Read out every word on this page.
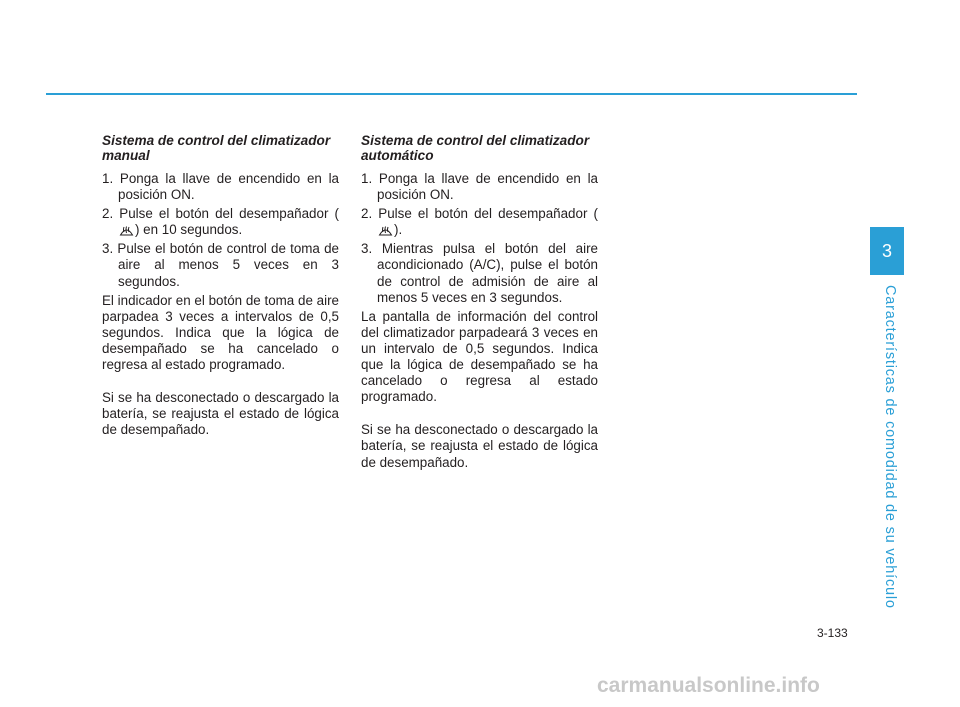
Sistema de control del climatizador manual
1. Ponga la llave de encendido en la posición ON.
2. Pulse el botón del desempañador () en 10 segundos.
3. Pulse el botón de control de toma de aire al menos 5 veces en 3 segundos.
El indicador en el botón de toma de aire parpadea 3 veces a intervalos de 0,5 segundos. Indica que la lógica de desempañado se ha cancelado o regresa al estado programado.
Si se ha desconectado o descargado la batería, se reajusta el estado de lógica de desempañado.
Sistema de control del climatizador automático
1. Ponga la llave de encendido en la posición ON.
2. Pulse el botón del desempañador ().
3. Mientras pulsa el botón del aire acondicionado (A/C), pulse el botón de control de admisión de aire al menos 5 veces en 3 segundos.
La pantalla de información del control del climatizador parpadeará 3 veces en un intervalo de 0,5 segundos. Indica que la lógica de desempañado se ha cancelado o regresa al estado programado.
Si se ha desconectado o descargado la batería, se reajusta el estado de lógica de desempañado.
3
Características de comodidad de su vehículo
3-133
carmanualsonline.info
